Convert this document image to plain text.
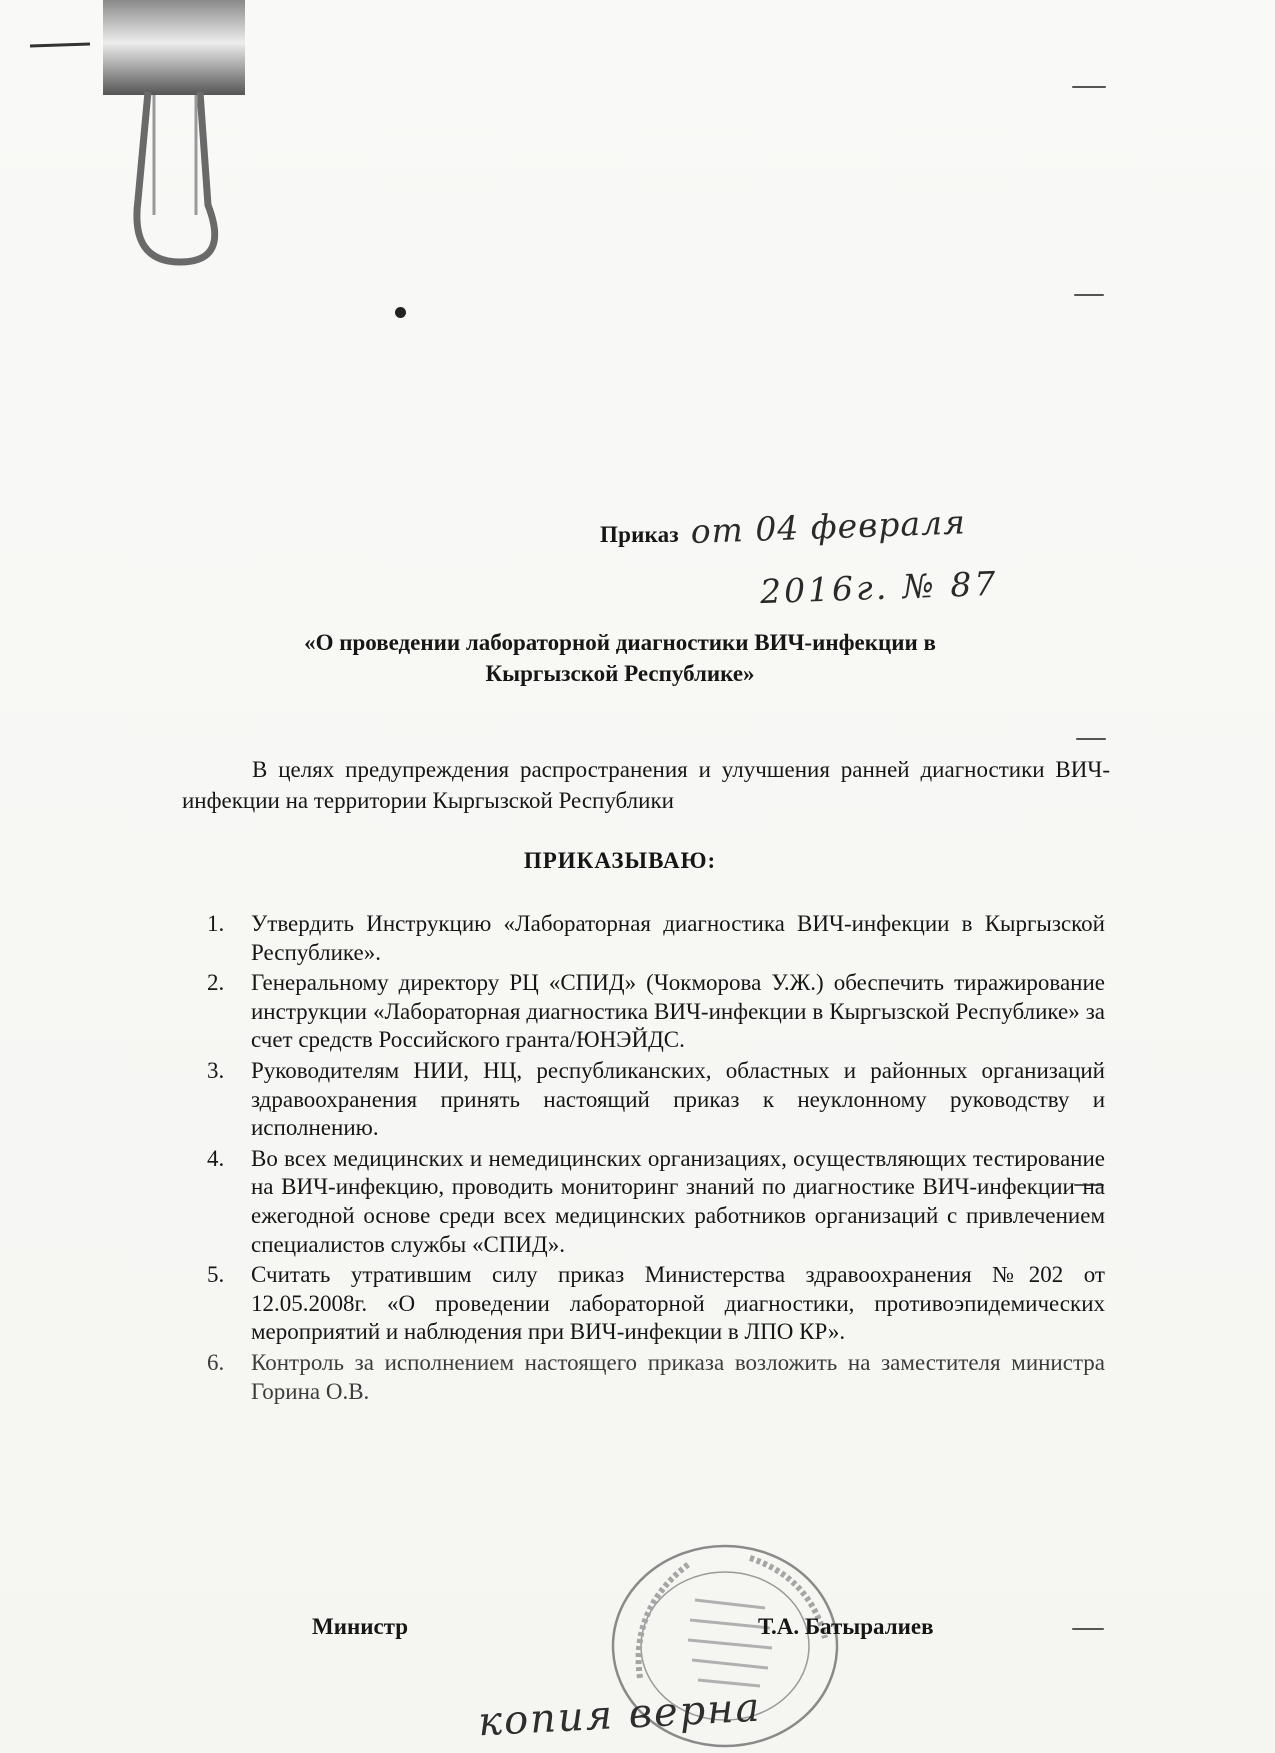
Приказ от 04 февраля
2016г. № 87
«О проведении лабораторной диагностики ВИЧ-инфекции в
Кыргызской Республике»
В целях предупреждения распространения и улучшения ранней диагностики ВИЧ-инфекции на территории Кыргызской Республики
ПРИКАЗЫВАЮ:
1. Утвердить Инструкцию «Лабораторная диагностика ВИЧ-инфекции в Кыргызской Республике».
2. Генеральному директору РЦ «СПИД» (Чокморова У.Ж.) обеспечить тиражирование инструкции «Лабораторная диагностика ВИЧ-инфекции в Кыргызской Республике» за счет средств Российского гранта/ЮНЭЙДС.
3. Руководителям НИИ, НЦ, республиканских, областных и районных организаций здравоохранения принять настоящий приказ к неуклонному руководству и исполнению.
4. Во всех медицинских и немедицинских организациях, осуществляющих тестирование на ВИЧ-инфекцию, проводить мониторинг знаний по диагностике ВИЧ-инфекции на ежегодной основе среди всех медицинских работников организаций с привлечением специалистов службы «СПИД».
5. Считать утратившим силу приказ Министерства здравоохранения №202 от 12.05.2008г. «О проведении лабораторной диагностики, противоэпидемических мероприятий и наблюдения при ВИЧ-инфекции в ЛПО КР».
6. Контроль за исполнением настоящего приказа возложить на заместителя министра Горина О.В.
Министр	Т.А. Батыралиев
копия верна
